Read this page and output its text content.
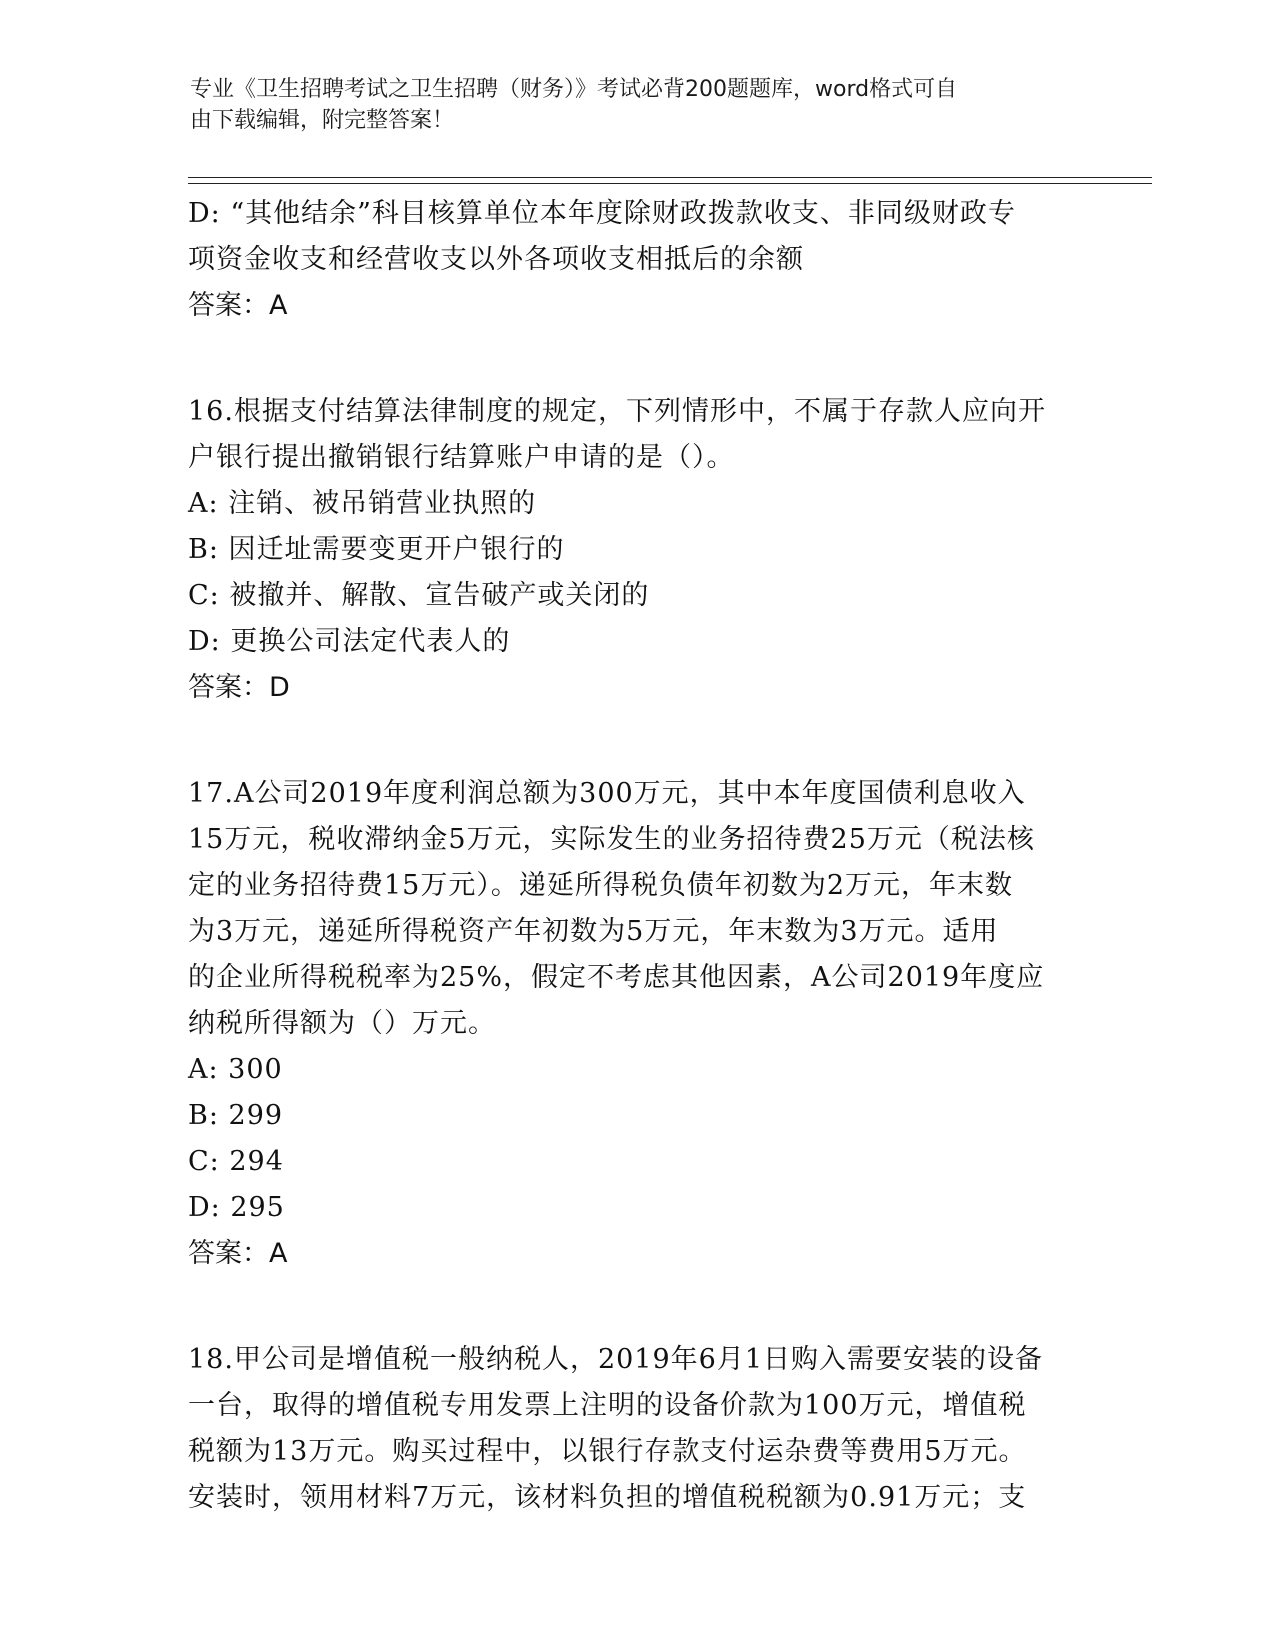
专业《卫生招聘考试之卫生招聘（财务）》考试必背200题题库，word格式可自
由下载编辑，附完整答案！
D: “其他结余”科目核算单位本年度除财政拨款收支、非同级财政专
项资金收支和经营收支以外各项收支相抵后的余额
答案：A
16.根据支付结算法律制度的规定，下列情形中，不属于存款人应向开
户银行提出撤销银行结算账户申请的是（）。
A: 注销、被吊销营业执照的
B: 因迁址需要变更开户银行的
C: 被撤并、解散、宣告破产或关闭的
D: 更换公司法定代表人的
答案：D
17.A公司2019年度利润总额为300万元，其中本年度国债利息收入
15万元，税收滞纳金5万元，实际发生的业务招待费25万元（税法核
定的业务招待费15万元）。递延所得税负债年初数为2万元，年末数
为3万元，递延所得税资产年初数为5万元，年末数为3万元。适用
的企业所得税税率为25%，假定不考虑其他因素，A公司2019年度应
纳税所得额为（）万元。
A: 300
B: 299
C: 294
D: 295
答案：A
18.甲公司是增值税一般纳税人，2019年6月1日购入需要安装的设备
一台，取得的增值税专用发票上注明的设备价款为100万元，增值税
税额为13万元。购买过程中，以银行存款支付运杂费等费用5万元。
安装时，领用材料7万元，该材料负担的增值税税额为0.91万元；支
